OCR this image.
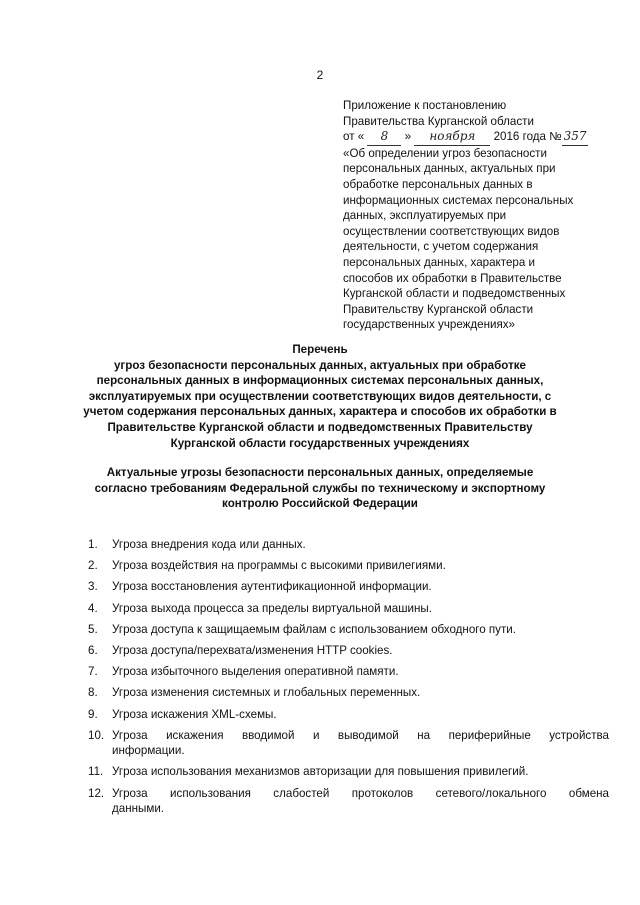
2
Приложение к постановлению
Правительства Курганской области
от « 8 » ноября 2016 года № 357
«Об определении угроз безопасности
персональных данных, актуальных при
обработке персональных данных в
информационных системах персональных
данных, эксплуатируемых при
осуществлении соответствующих видов
деятельности, с учетом содержания
персональных данных, характера и
способов их обработки в Правительстве
Курганской области и подведомственных
Правительству Курганской области
государственных учреждениях»
Перечень
угроз безопасности персональных данных, актуальных при обработке
персональных данных в информационных системах персональных данных,
эксплуатируемых при осуществлении соответствующих видов деятельности, с
учетом содержания персональных данных, характера и способов их обработки в
Правительстве Курганской области и подведомственных Правительству
Курганской области государственных учреждениях
Актуальные угрозы безопасности персональных данных, определяемые
согласно требованиям Федеральной службы по техническому и экспортному
контролю Российской Федерации
1.	Угроза внедрения кода или данных.
2.	Угроза воздействия на программы с высокими привилегиями.
3.	Угроза восстановления аутентификационной информации.
4.	Угроза выхода процесса за пределы виртуальной машины.
5.	Угроза доступа к защищаемым файлам с использованием обходного пути.
6.	Угроза доступа/перехвата/изменения HTTP cookies.
7.	Угроза избыточного выделения оперативной памяти.
8.	Угроза изменения системных и глобальных переменных.
9.	Угроза искажения XML-схемы.
10. Угроза искажения вводимой и выводимой на периферийные устройства
информации.
11. Угроза использования механизмов авторизации для повышения привилегий.
12. Угроза использования слабостей протоколов сетевого/локального обмена
данными.
